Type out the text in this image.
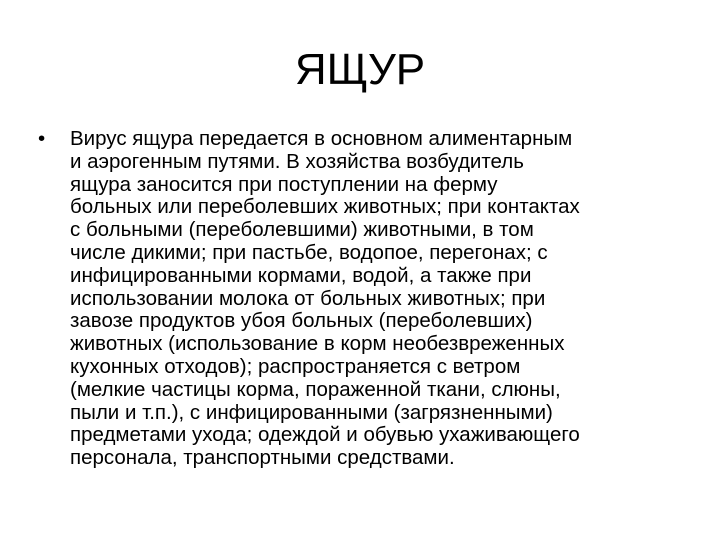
ЯЩУР
• Вирус ящура передается в основном алиментарным
и аэрогенным путями. В хозяйства возбудитель
ящура заносится при поступлении на ферму
больных или переболевших животных; при контактах
с больными (переболевшими) животными, в том
числе дикими; при пастьбе, водопое, перегонах; с
инфицированными кормами, водой, а также при
использовании молока от больных животных; при
завозе продуктов убоя больных (переболевших)
животных (использование в корм необезвреженных
кухонных отходов); распространяется с ветром
(мелкие частицы корма, пораженной ткани, слюны,
пыли и т.п.), с инфицированными (загрязненными)
предметами ухода; одеждой и обувью ухаживающего
персонала, транспортными средствами.
